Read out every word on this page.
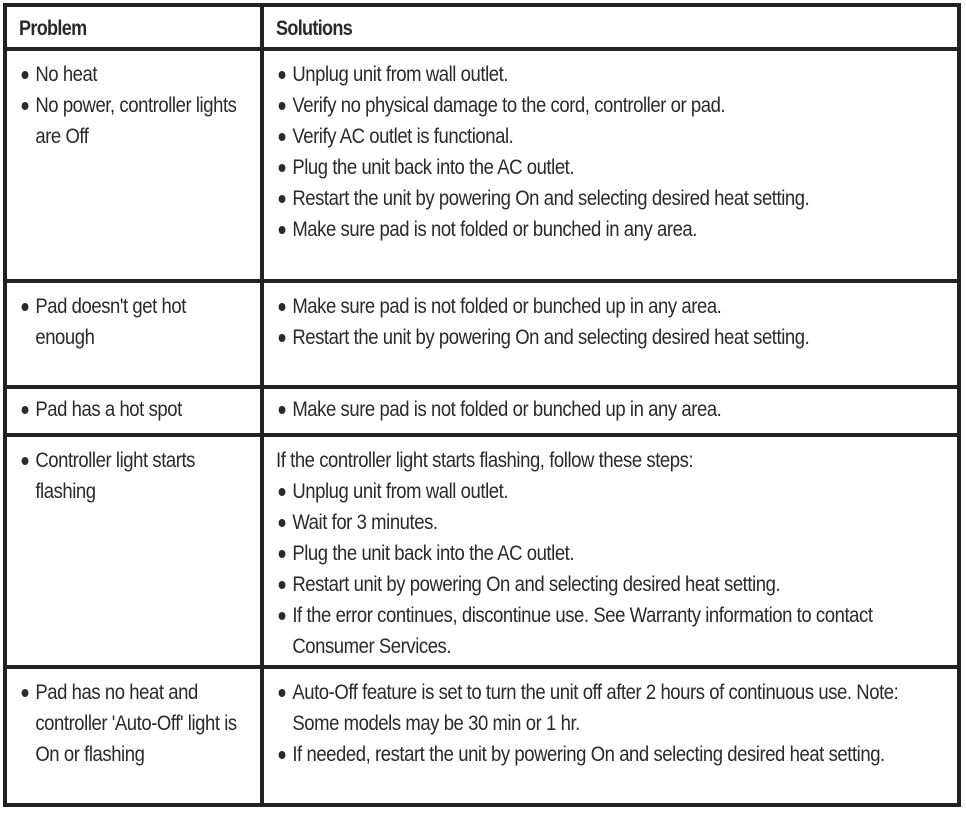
Problem	Solutions
No heat
No power, controller lights are Off
Unplug unit from wall outlet.
Verify no physical damage to the cord, controller or pad.
Verify AC outlet is functional.
Plug the unit back into the AC outlet.
Restart the unit by powering On and selecting desired heat setting.
Make sure pad is not folded or bunched in any area.
Pad doesn't get hot enough
Make sure pad is not folded or bunched up in any area.
Restart the unit by powering On and selecting desired heat setting.
Pad has a hot spot	Make sure pad is not folded or bunched up in any area.
Controller light starts flashing

If the controller light starts flashing, follow these steps:

Unplug unit from wall outlet.
Wait for 3 minutes.
Plug the unit back into the AC outlet.
Restart unit by powering On and selecting desired heat setting.
If the error continues, discontinue use. See Warranty information to contact Consumer Services.
Pad has no heat and controller 'Auto-Off' light is On or flashing
Auto-Off feature is set to turn the unit off after 2 hours of continuous use. Note: Some models may be 30 min or 1 hr.
If needed, restart the unit by powering On and selecting desired heat setting.
